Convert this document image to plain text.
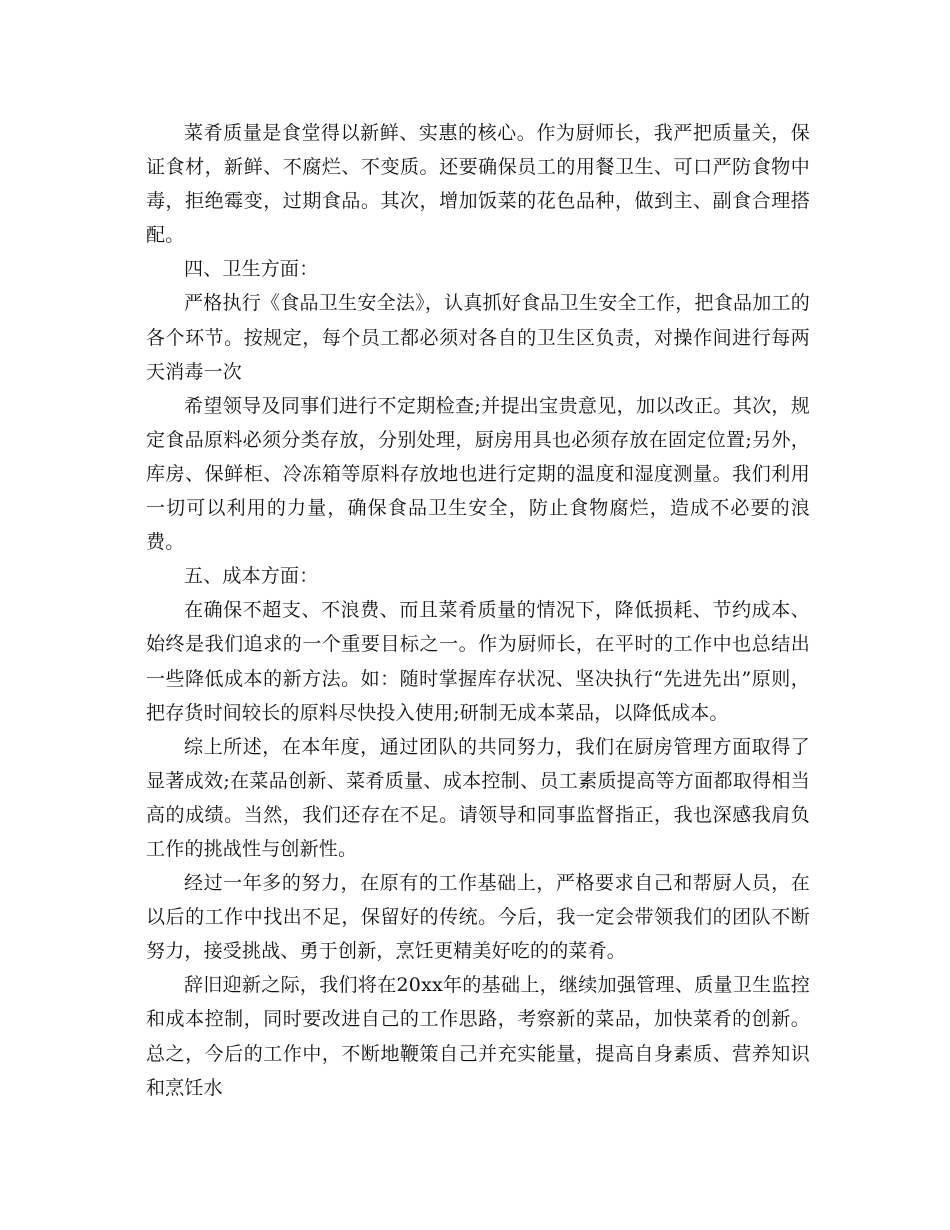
菜肴质量是食堂得以新鲜、实惠的核心。作为厨师长，我严把质量关，保证食材，新鲜、不腐烂、不变质。还要确保员工的用餐卫生、可口严防食物中毒，拒绝霉变，过期食品。其次，增加饭菜的花色品种，做到主、副食合理搭配。

四、卫生方面：

严格执行《食品卫生安全法》，认真抓好食品卫生安全工作，把食品加工的各个环节。按规定，每个员工都必须对各自的卫生区负责，对操作间进行每两天消毒一次

希望领导及同事们进行不定期检查;并提出宝贵意见，加以改正。其次，规定食品原料必须分类存放，分别处理，厨房用具也必须存放在固定位置;另外，库房、保鲜柜、冷冻箱等原料存放地也进行定期的温度和湿度测量。我们利用一切可以利用的力量，确保食品卫生安全，防止食物腐烂，造成不必要的浪费。

五、成本方面：

在确保不超支、不浪费、而且菜肴质量的情况下，降低损耗、节约成本、始终是我们追求的一个重要目标之一。作为厨师长，在平时的工作中也总结出一些降低成本的新方法。如：随时掌握库存状况、坚决执行“先进先出”原则，把存货时间较长的原料尽快投入使用;研制无成本菜品，以降低成本。

综上所述，在本年度，通过团队的共同努力，我们在厨房管理方面取得了显著成效;在菜品创新、菜肴质量、成本控制、员工素质提高等方面都取得相当高的成绩。当然，我们还存在不足。请领导和同事监督指正，我也深感我肩负工作的挑战性与创新性。

经过一年多的努力，在原有的工作基础上，严格要求自己和帮厨人员，在以后的工作中找出不足，保留好的传统。今后，我一定会带领我们的团队不断努力，接受挑战、勇于创新，烹饪更精美好吃的的菜肴。

辞旧迎新之际，我们将在20xx年的基础上，继续加强管理、质量卫生监控和成本控制，同时要改进自己的工作思路，考察新的菜品，加快菜肴的创新。总之，今后的工作中，不断地鞭策自己并充实能量，提高自身素质、营养知识和烹饪水
